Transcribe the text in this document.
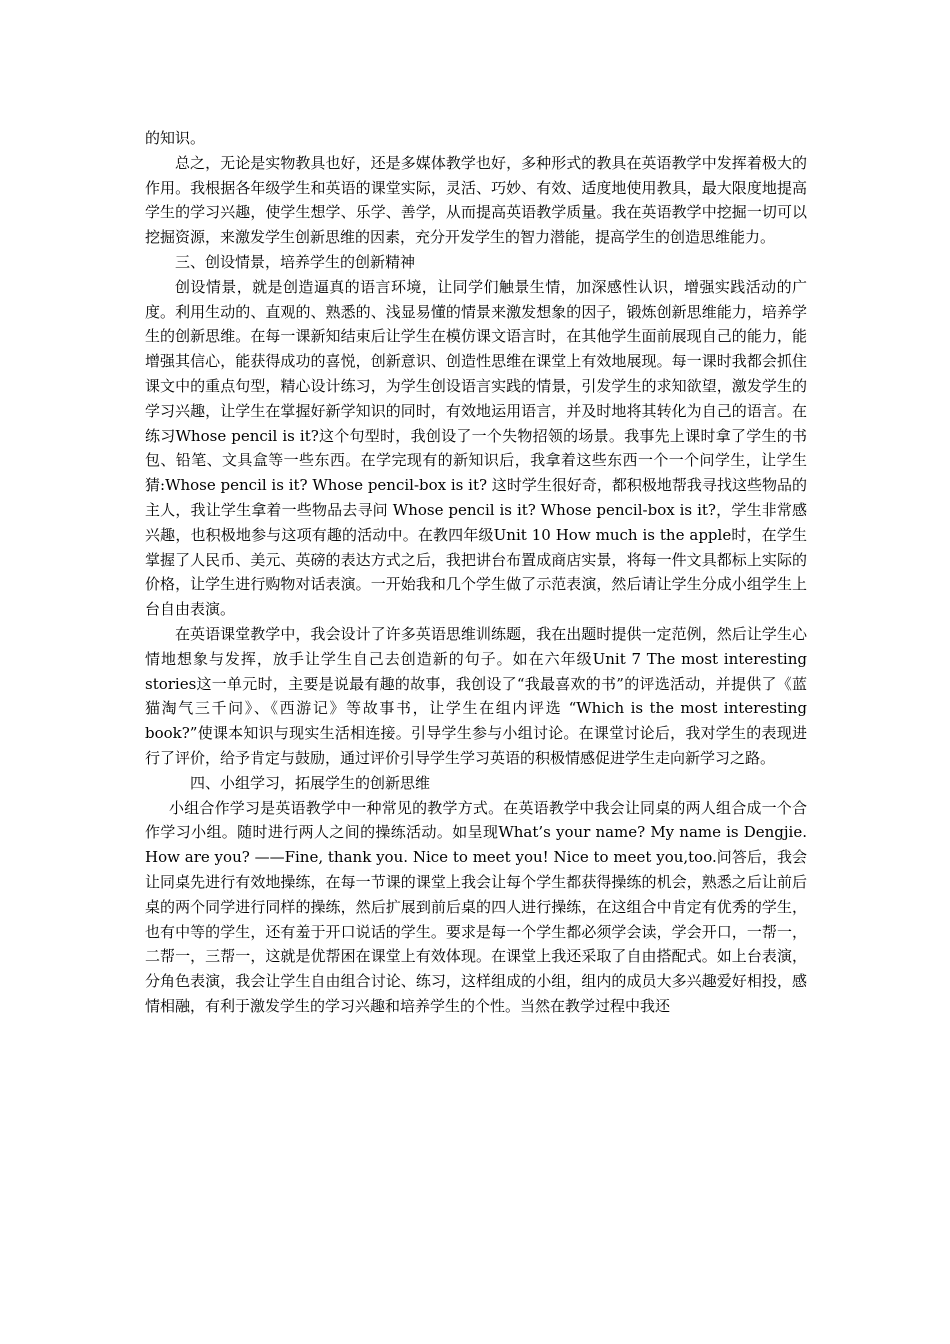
的知识。

总之，无论是实物教具也好，还是多媒体教学也好，多种形式的教具在英语教学中发挥着极大的作用。我根据各年级学生和英语的课堂实际，灵活、巧妙、有效、适度地使用教具，最大限度地提高学生的学习兴趣，使学生想学、乐学、善学，从而提高英语教学质量。我在英语教学中挖掘一切可以挖掘资源，来激发学生创新思维的因素，充分开发学生的智力潜能，提高学生的创造思维能力。

三、创设情景，培养学生的创新精神

创设情景，就是创造逼真的语言环境，让同学们触景生情，加深感性认识，增强实践活动的广度。利用生动的、直观的、熟悉的、浅显易懂的情景来激发想象的因子，锻炼创新思维能力，培养学生的创新思维。在每一课新知结束后让学生在模仿课文语言时，在其他学生面前展现自己的能力，能增强其信心，能获得成功的喜悦，创新意识、创造性思维在课堂上有效地展现。每一课时我都会抓住课文中的重点句型，精心设计练习，为学生创设语言实践的情景，引发学生的求知欲望，激发学生的学习兴趣，让学生在掌握好新学知识的同时，有效地运用语言，并及时地将其转化为自己的语言。在练习Whose pencil is it?这个句型时，我创设了一个失物招领的场景。我事先上课时拿了学生的书包、铅笔、文具盒等一些东西。在学完现有的新知识后，我拿着这些东西一个一个问学生，让学生猜:Whose pencil is it? Whose pencil-box is it? 这时学生很好奇，都积极地帮我寻找这些物品的主人，我让学生拿着一些物品去寻问 Whose pencil is it? Whose pencil-box is it?，学生非常感兴趣，也积极地参与这项有趣的活动中。在教四年级Unit 10 How much is the apple时，在学生掌握了人民币、美元、英磅的表达方式之后，我把讲台布置成商店实景，将每一件文具都标上实际的价格，让学生进行购物对话表演。一开始我和几个学生做了示范表演，然后请让学生分成小组学生上台自由表演。

在英语课堂教学中，我会设计了许多英语思维训练题，我在出题时提供一定范例，然后让学生心情地想象与发挥，放手让学生自己去创造新的句子。如在六年级Unit 7 The most interesting stories这一单元时，主要是说最有趣的故事，我创设了“我最喜欢的书”的评选活动，并提供了《蓝猫淘气三千问》、《西游记》等故事书，让学生在组内评选 “Which is the most interesting book?”使课本知识与现实生活相连接。引导学生参与小组讨论。在课堂讨论后，我对学生的表现进行了评价，给予肯定与鼓励，通过评价引导学生学习英语的积极情感促进学生走向新学习之路。

四、小组学习，拓展学生的创新思维

小组合作学习是英语教学中一种常见的教学方式。在英语教学中我会让同桌的两人组合成一个合作学习小组。随时进行两人之间的操练活动。如呈现What’s your name? My name is Dengjie. How are you? ——Fine, thank you. Nice to meet you! Nice to meet you,too.问答后，我会让同桌先进行有效地操练，在每一节课的课堂上我会让每个学生都获得操练的机会，熟悉之后让前后桌的两个同学进行同样的操练，然后扩展到前后桌的四人进行操练，在这组合中肯定有优秀的学生，也有中等的学生，还有羞于开口说话的学生。要求是每一个学生都必须学会读，学会开口，一帮一，二帮一，三帮一，这就是优帮困在课堂上有效体现。在课堂上我还采取了自由搭配式。如上台表演，分角色表演，我会让学生自由组合讨论、练习，这样组成的小组，组内的成员大多兴趣爱好相投，感情相融，有利于激发学生的学习兴趣和培养学生的个性。当然在教学过程中我还
